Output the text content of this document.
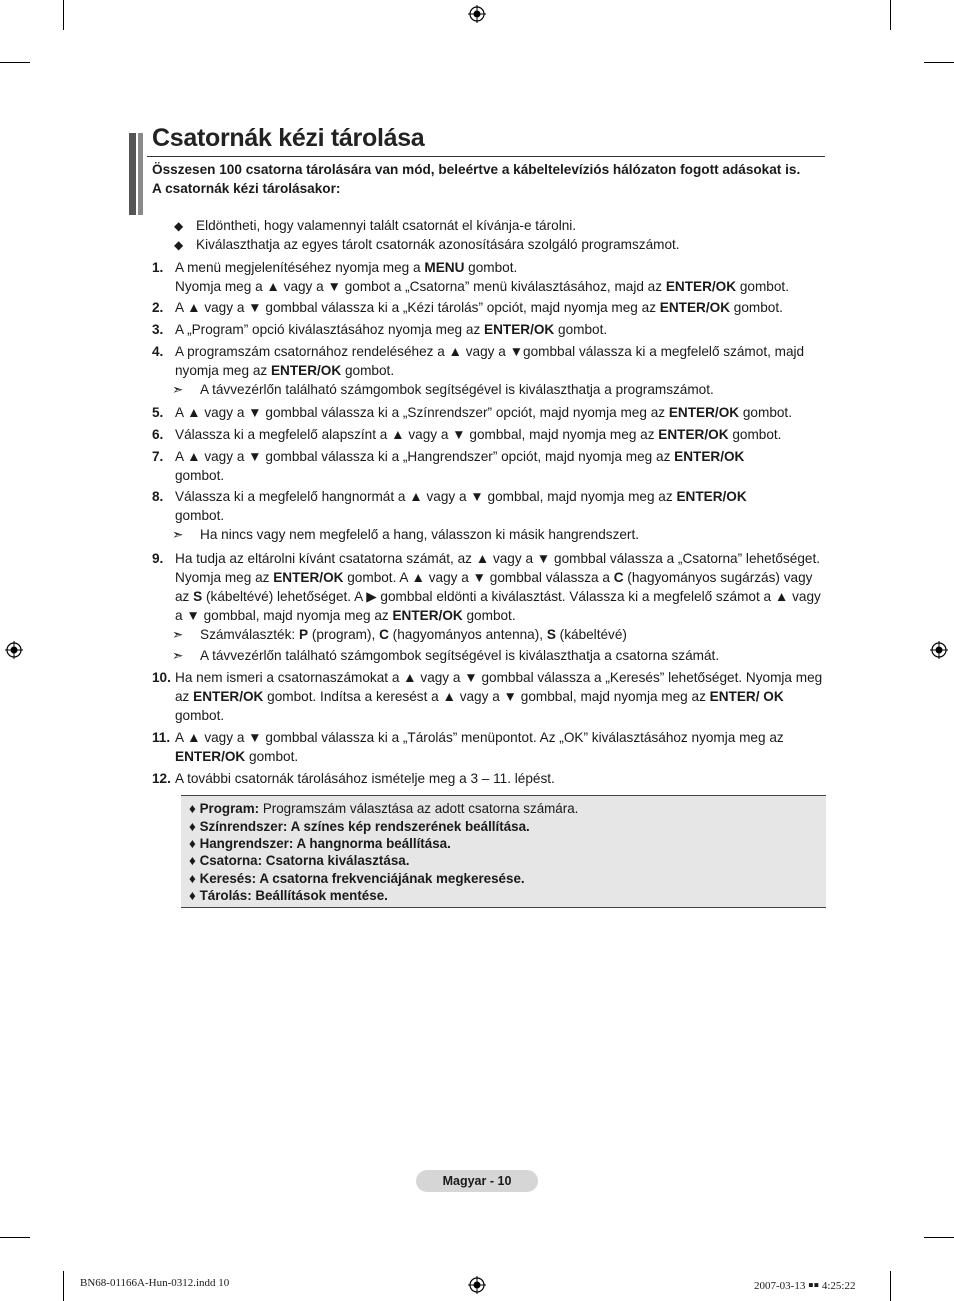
Csatornák kézi tárolása
Összesen 100 csatorna tárolására van mód, beleértve a kábeltelevíziós hálózaton fogott adásokat is.
A csatornák kézi tárolásakor:
◆ Eldöntheti, hogy valamennyi talált csatornát el kívánja-e tárolni.
◆ Kiválaszthatja az egyes tárolt csatornák azonosítására szolgáló programszámot.
1. A menü megjelenítéséhez nyomja meg a MENU gombot.
Nyomja meg a ▲ vagy a ▼ gombot a „Csatorna” menü kiválasztásához, majd az ENTER/OK gombot.
2. A ▲ vagy a ▼ gombbal válassza ki a „Kézi tárolás” opciót, majd nyomja meg az ENTER/OK gombot.
3. A „Program” opció kiválasztásához nyomja meg az ENTER/OK gombot.
4. A programszám csatornához rendeléséhez a ▲ vagy a ▼gombbal válassza ki a megfelelő számot, majd nyomja meg az ENTER/OK gombot.
➣ A távvezérlőn található számgombok segítségével is kiválaszthatja a programszámot.
5. A ▲ vagy a ▼ gombbal válassza ki a „Színrendszer” opciót, majd nyomja meg az ENTER/OK gombot.
6. Válassza ki a megfelelő alapszínt a ▲ vagy a ▼ gombbal, majd nyomja meg az ENTER/OK gombot.
7. A ▲ vagy a ▼ gombbal válassza ki a „Hangrendszer” opciót, majd nyomja meg az ENTER/OK
gombot.
8. Válassza ki a megfelelő hangnormát a ▲ vagy a ▼ gombbal, majd nyomja meg az ENTER/OK
gombot.
➣ Ha nincs vagy nem megfelelő a hang, válasszon ki másik hangrendszert.
9. Ha tudja az eltárolni kívánt csatatorna számát, az ▲ vagy a ▼ gombbal válassza a „Csatorna” lehetőséget. Nyomja meg az ENTER/OK gombot. A ▲ vagy a ▼ gombbal válassza a C (hagyományos sugárzás) vagy az S (kábeltévé) lehetőséget. A ▶ gombbal eldönti a kiválasztást. Válassza ki a megfelelő számot a ▲ vagy a ▼ gombbal, majd nyomja meg az ENTER/OK gombot.
➣ Számválaszték: P (program), C (hagyományos antenna), S (kábeltévé)
➣ A távvezérlőn található számgombok segítségével is kiválaszthatja a csatorna számát.
10. Ha nem ismeri a csatornaszámokat a ▲ vagy a ▼ gombbal válassza a „Keresés” lehetőséget. Nyomja meg az ENTER/OK gombot. Indítsa a keresést a ▲ vagy a ▼ gombbal, majd nyomja meg az ENTER/ OK gombot.
11. A ▲ vagy a ▼ gombbal válassza ki a „Tárolás” menüpontot. Az „OK” kiválasztásához nyomja meg az ENTER/OK gombot.
12. A további csatornák tárolásához ismételje meg a 3 – 11. lépést.
♦ Program: Programszám választása az adott csatorna számára.
♦ Színrendszer: A színes kép rendszerének beállítása.
♦ Hangrendszer: A hangnorma beállítása.
♦ Csatorna: Csatorna kiválasztása.
♦ Keresés: A csatorna frekvenciájának megkeresése.
♦ Tárolás: Beállítások mentése.
Magyar - 10
BN68-01166A-Hun-0312.indd 10	2007-03-13 ￭￭ 4:25:22
